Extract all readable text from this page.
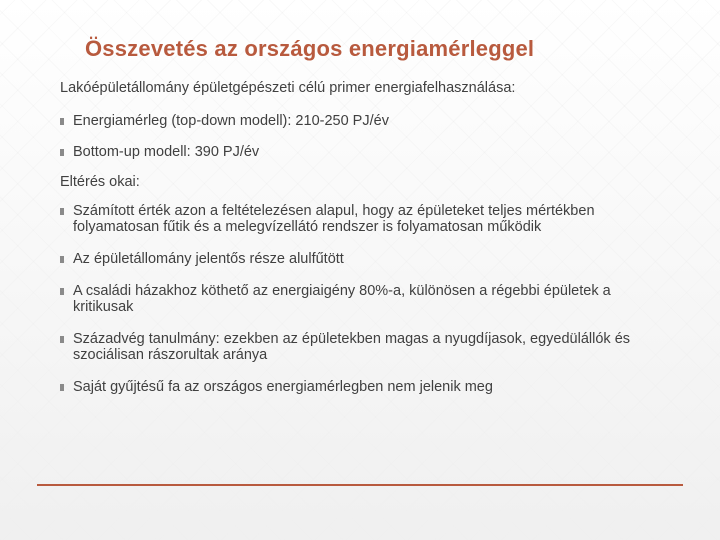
Összevetés az országos energiamérleggel

Lakóépületállomány épületgépészeti célú primer energiafelhasználása:

Energiamérleg (top-down modell): 210-250 PJ/év
Bottom-up modell: 390 PJ/év

Eltérés okai:

Számított érték azon a feltételezésen alapul, hogy az épületeket teljes mértékben folyamatosan fűtik és a melegvízellátó rendszer is folyamatosan működik
Az épületállomány jelentős része alulfűtött
A családi házakhoz köthető az energiaigény 80%-a, különösen a régebbi épületek a kritikusak
Századvég tanulmány: ezekben az épületekben magas a nyugdíjasok, egyedülállók és szociálisan rászorultak aránya
Saját gyűjtésű fa az országos energiamérlegben nem jelenik meg
